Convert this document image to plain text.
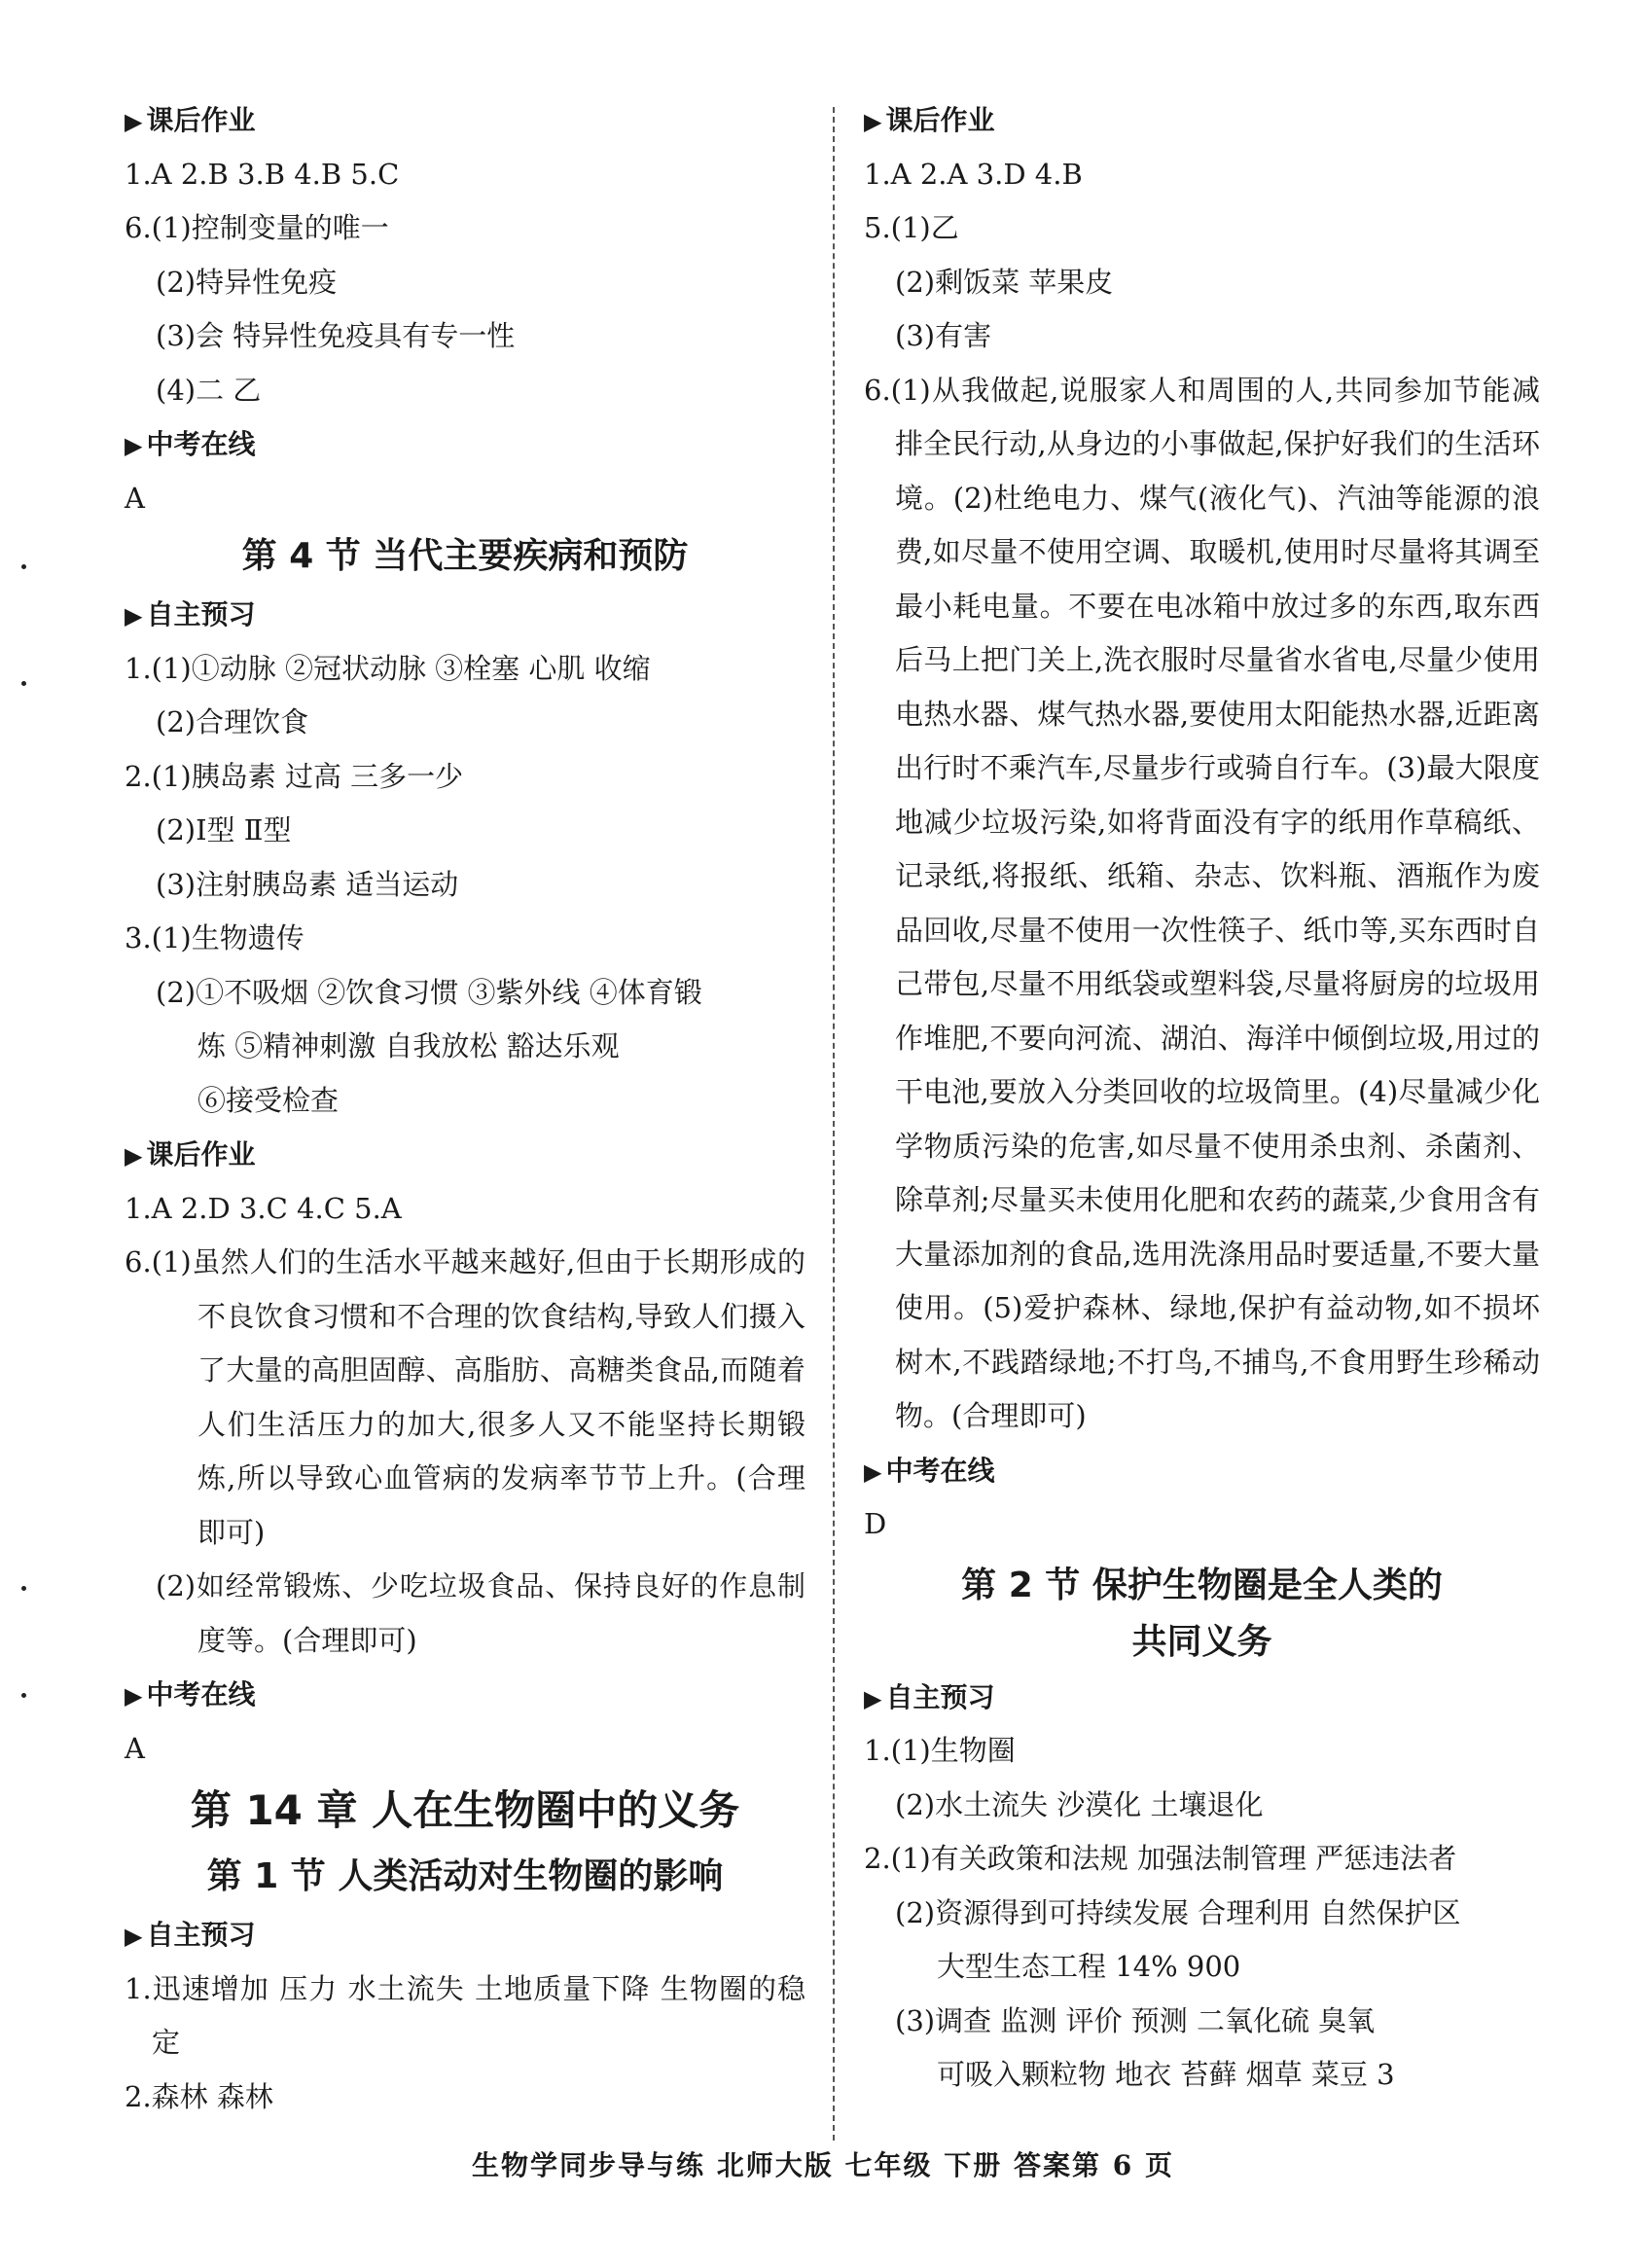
▶ 课后作业
1.A 2.B 3.B 4.B 5.C
6.(1)控制变量的唯一
(2)特异性免疫
(3)会 特异性免疫具有专一性
(4)二 乙
▶ 中考在线
A
第 4 节 当代主要疾病和预防
▶ 自主预习
1.(1)①动脉 ②冠状动脉 ③栓塞 心肌 收缩
(2)合理饮食
2.(1)胰岛素 过高 三多一少
(2)Ⅰ型 Ⅱ型
(3)注射胰岛素 适当运动
3.(1)生物遗传
(2)①不吸烟 ②饮食习惯 ③紫外线 ④体育锻
炼 ⑤精神刺激 自我放松 豁达乐观
⑥接受检查
▶ 课后作业
1.A 2.D 3.C 4.C 5.A
6.(1)虽然人们的生活水平越来越好,但由于长期形成的不良饮食习惯和不合理的饮食结构,导致人们摄入了大量的高胆固醇、高脂肪、高糖类食品,而随着人们生活压力的加大,很多人又不能坚持长期锻炼,所以导致心血管病的发病率节节上升。(合理即可)
(2)如经常锻炼、少吃垃圾食品、保持良好的作息制度等。(合理即可)
▶ 中考在线
A
第 14 章 人在生物圈中的义务
第 1 节 人类活动对生物圈的影响
▶ 自主预习
1.迅速增加 压力 水土流失 土地质量下降 生物圈的稳定
2.森林 森林
▶ 课后作业
1.A 2.A 3.D 4.B
5.(1)乙
(2)剩饭菜 苹果皮
(3)有害
6.(1)从我做起,说服家人和周围的人,共同参加节能减排全民行动,从身边的小事做起,保护好我们的生活环境。(2)杜绝电力、煤气(液化气)、汽油等能源的浪费,如尽量不使用空调、取暖机,使用时尽量将其调至最小耗电量。不要在电冰箱中放过多的东西,取东西后马上把门关上,洗衣服时尽量省水省电,尽量少使用电热水器、煤气热水器,要使用太阳能热水器,近距离出行时不乘汽车,尽量步行或骑自行车。(3)最大限度地减少垃圾污染,如将背面没有字的纸用作草稿纸、记录纸,将报纸、纸箱、杂志、饮料瓶、酒瓶作为废品回收,尽量不使用一次性筷子、纸巾等,买东西时自己带包,尽量不用纸袋或塑料袋,尽量将厨房的垃圾用作堆肥,不要向河流、湖泊、海洋中倾倒垃圾,用过的干电池,要放入分类回收的垃圾筒里。(4)尽量减少化学物质污染的危害,如尽量不使用杀虫剂、杀菌剂、除草剂;尽量买未使用化肥和农药的蔬菜,少食用含有大量添加剂的食品,选用洗涤用品时要适量,不要大量使用。(5)爱护森林、绿地,保护有益动物,如不损坏树木,不践踏绿地;不打鸟,不捕鸟,不食用野生珍稀动物。(合理即可)
▶ 中考在线
D
第 2 节 保护生物圈是全人类的
共同义务
▶ 自主预习
1.(1)生物圈
(2)水土流失 沙漠化 土壤退化
2.(1)有关政策和法规 加强法制管理 严惩违法者
(2)资源得到可持续发展 合理利用 自然保护区
大型生态工程 14% 900
(3)调查 监测 评价 预测 二氧化硫 臭氧
可吸入颗粒物 地衣 苔藓 烟草 菜豆 3
生物学同步导与练 北师大版 七年级 下册 答案第 6 页
